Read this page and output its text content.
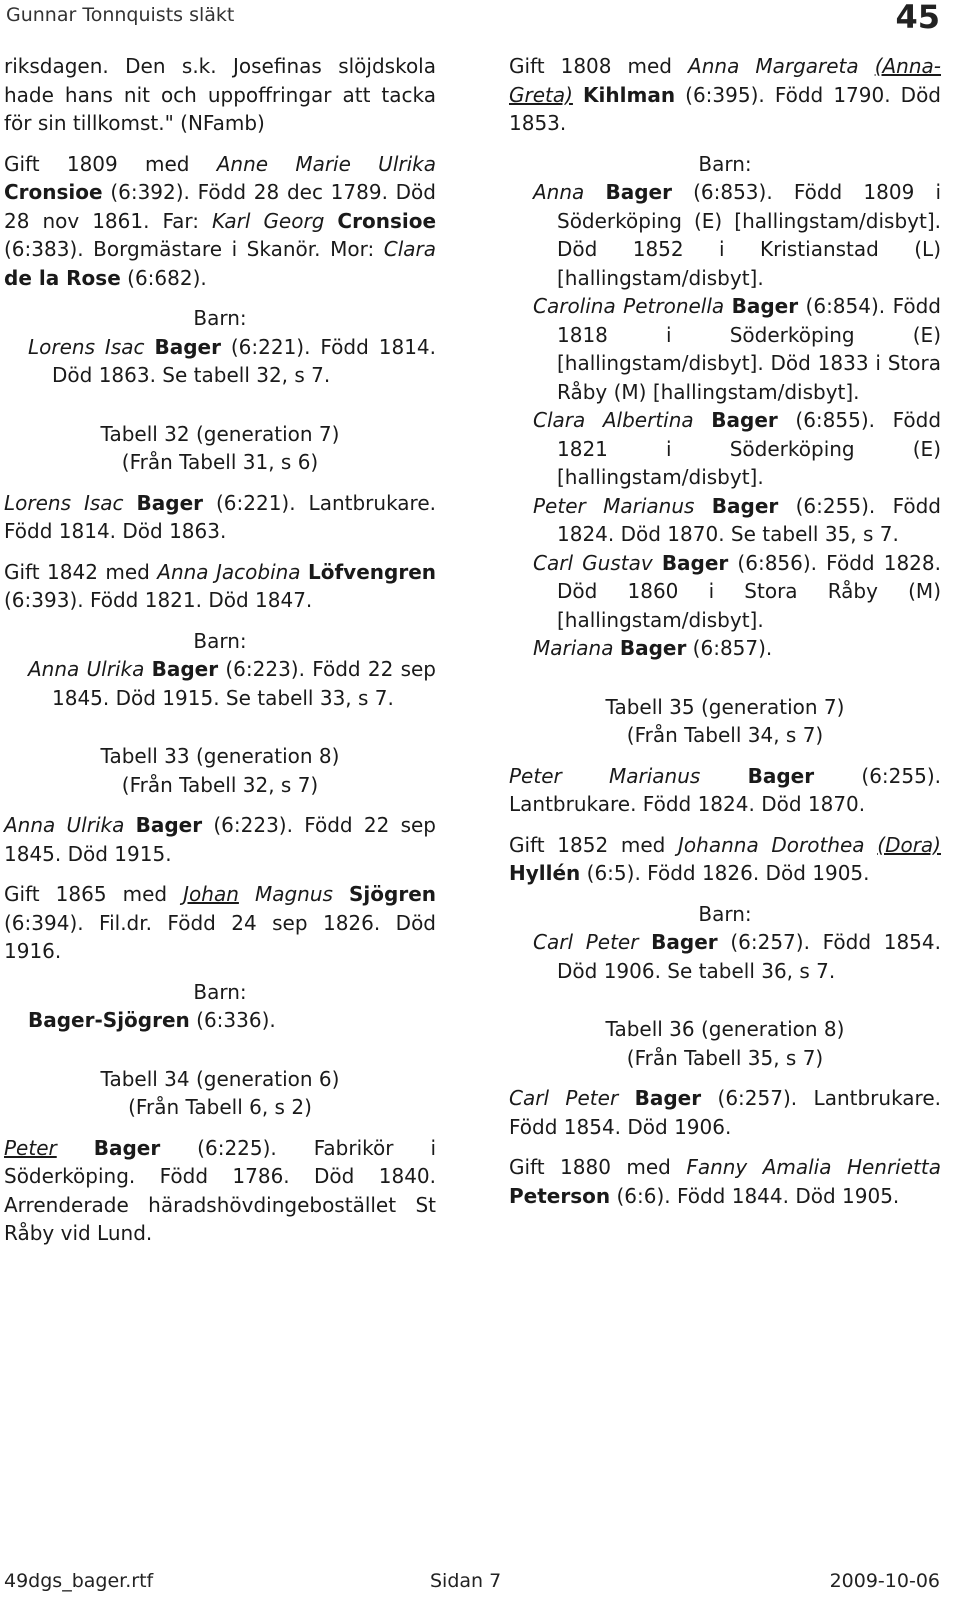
Gunnar Tonnquists släkt	45

riksdagen. Den s.k. Josefinas slöjdskola hade hans nit och uppoffringar att tacka för sin tillkomst." (NFamb)

Gift 1809 med Anne Marie Ulrika Cronsioe (6:392). Född 28 dec 1789. Död 28 nov 1861. Far: Karl Georg Cronsioe (6:383). Borgmästare i Skanör. Mor: Clara de la Rose (6:682).

Barn:

Lorens Isac Bager (6:221). Född 1814. Död 1863. Se tabell 32, s 7.

Tabell 32 (generation 7)

(Från Tabell 31, s 6)

Lorens Isac Bager (6:221). Lantbrukare. Född 1814. Död 1863.

Gift 1842 med Anna Jacobina Löfvengren (6:393). Född 1821. Död 1847.

Barn:

Anna Ulrika Bager (6:223). Född 22 sep 1845. Död 1915. Se tabell 33, s 7.

Tabell 33 (generation 8)

(Från Tabell 32, s 7)

Anna Ulrika Bager (6:223). Född 22 sep 1845. Död 1915.

Gift 1865 med Johan Magnus Sjögren (6:394). Fil.dr. Född 24 sep 1826. Död 1916.

Barn:

Bager-Sjögren (6:336).

Tabell 34 (generation 6)

(Från Tabell 6, s 2)

Peter Bager (6:225). Fabrikör i Söderköping. Född 1786. Död 1840. Arrenderade häradshövdingebostället St Råby vid Lund.

Gift 1808 med Anna Margareta (Anna-Greta) Kihlman (6:395). Född 1790. Död 1853.

Barn:

Anna Bager (6:853). Född 1809 i Söderköping (E) [hallingstam/disbyt]. Död 1852 i Kristianstad (L) [hallingstam/disbyt].

Carolina Petronella Bager (6:854). Född 1818 i Söderköping (E) [hallingstam/disbyt]. Död 1833 i Stora Råby (M) [hallingstam/disbyt].

Clara Albertina Bager (6:855). Född 1821 i Söderköping (E) [hallingstam/disbyt].

Peter Marianus Bager (6:255). Född 1824. Död 1870. Se tabell 35, s 7.

Carl Gustav Bager (6:856). Född 1828. Död 1860 i Stora Råby (M) [hallingstam/disbyt].

Mariana Bager (6:857).

Tabell 35 (generation 7)

(Från Tabell 34, s 7)

Peter Marianus Bager (6:255). Lantbrukare. Född 1824. Död 1870.

Gift 1852 med Johanna Dorothea (Dora) Hyllén (6:5). Född 1826. Död 1905.

Barn:

Carl Peter Bager (6:257). Född 1854. Död 1906. Se tabell 36, s 7.

Tabell 36 (generation 8)

(Från Tabell 35, s 7)

Carl Peter Bager (6:257). Lantbrukare. Född 1854. Död 1906.

Gift 1880 med Fanny Amalia Henrietta Peterson (6:6). Född 1844. Död 1905.

49dgs_bager.rtf	Sidan 7	2009-10-06
